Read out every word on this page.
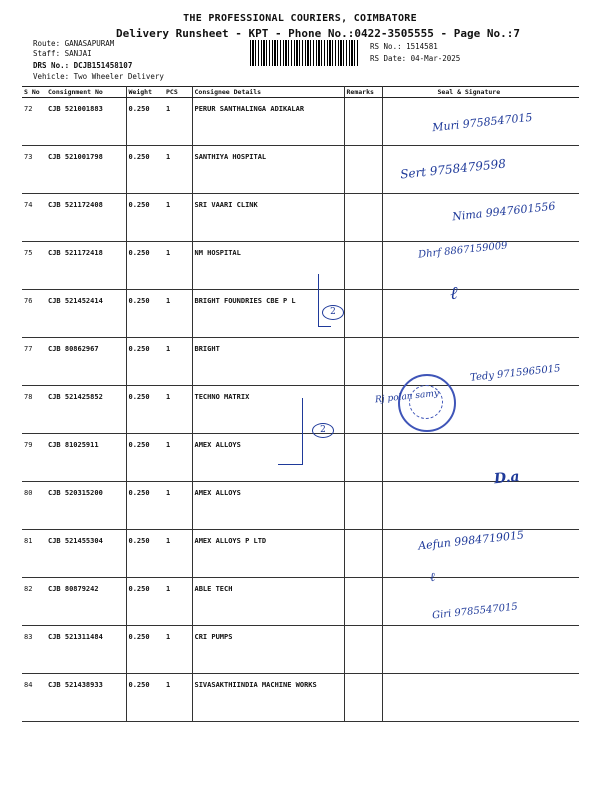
THE PROFESSIONAL COURIERS, COIMBATORE
Delivery Runsheet - KPT - Phone No.:0422-3505555 - Page No.:7
Route: GANASAPURAM
Staff: SANJAI
DRS No.: DCJB151458107
Vehicle: Two Wheeler Delivery
RS No.: 1514581
RS Date: 04-Mar-2025
S No	Consignment No	Weight	PCS	Consignee Details	Remarks	Seal & Signature
72	CJB 521001883	0.250	1	PERUR SANTHALINGA ADIKALAR		
73	CJB 521001798	0.250	1	SANTHIYA HOSPITAL		
74	CJB 521172408	0.250	1	SRI VAARI CLINK		
75	CJB 521172418	0.250	1	NM HOSPITAL		
76	CJB 521452414	0.250	1	BRIGHT FOUNDRIES CBE P L		
77	CJB 80862967	0.250	1	BRIGHT		
78	CJB 521425852	0.250	1	TECHNO MATRIX		
79	CJB 81025911	0.250	1	AMEX ALLOYS		
80	CJB 520315200	0.250	1	AMEX ALLOYS		
81	CJB 521455304	0.250	1	AMEX ALLOYS P LTD		
82	CJB 80879242	0.250	1	ABLE TECH		
83	CJB 521311484	0.250	1	CRI PUMPS		
84	CJB 521438933	0.250	1	SIVASAKTHIINDIA MACHINE WORKS		
Muri 9758547015
Sert 9758479598
Nima 9947601556
Dhrf 8867159009
ℓ
Tedy 9715965015
Rj polan samy
D.a
Aefun 9984719015
ℓ
Giri 9785547015
2
2
